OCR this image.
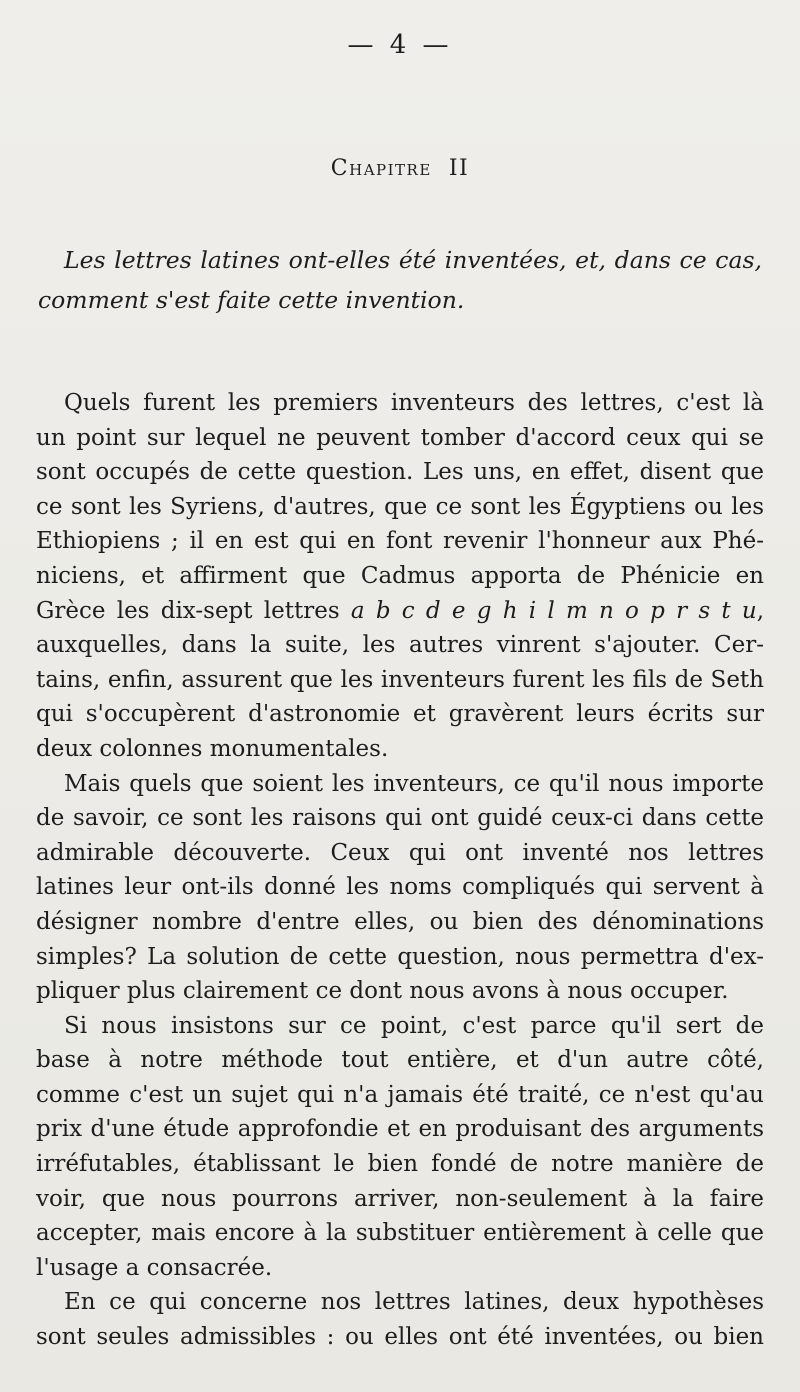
— 4 —
Chapitre II
Les lettres latines ont-elles été inventées, et, dans ce cas,
comment s'est faite cette invention.
Quels furent les premiers inventeurs des lettres, c'est là
un point sur lequel ne peuvent tomber d'accord ceux qui se
sont occupés de cette question. Les uns, en effet, disent que
ce sont les Syriens, d'autres, que ce sont les Égyptiens ou les
Ethiopiens ; il en est qui en font revenir l'honneur aux Phé-
niciens, et affirment que Cadmus apporta de Phénicie en
Grèce les dix-sept lettres a b c d e g h i l m n o p r s t u,
auxquelles, dans la suite, les autres vinrent s'ajouter. Cer-
tains, enfin, assurent que les inventeurs furent les fils de Seth
qui s'occupèrent d'astronomie et gravèrent leurs écrits sur
deux colonnes monumentales.
Mais quels que soient les inventeurs, ce qu'il nous importe
de savoir, ce sont les raisons qui ont guidé ceux-ci dans cette
admirable découverte. Ceux qui ont inventé nos lettres
latines leur ont-ils donné les noms compliqués qui servent à
désigner nombre d'entre elles, ou bien des dénominations
simples? La solution de cette question, nous permettra d'ex-
pliquer plus clairement ce dont nous avons à nous occuper.
Si nous insistons sur ce point, c'est parce qu'il sert de
base à notre méthode tout entière, et d'un autre côté,
comme c'est un sujet qui n'a jamais été traité, ce n'est qu'au
prix d'une étude approfondie et en produisant des arguments
irréfutables, établissant le bien fondé de notre manière de
voir, que nous pourrons arriver, non-seulement à la faire
accepter, mais encore à la substituer entièrement à celle que
l'usage a consacrée.
En ce qui concerne nos lettres latines, deux hypothèses
sont seules admissibles : ou elles ont été inventées, ou bien
